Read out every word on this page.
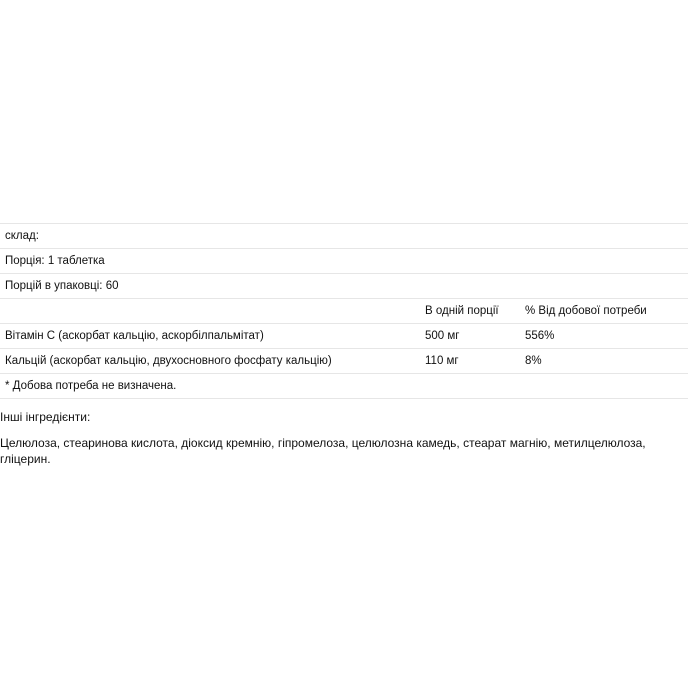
склад:		
Порція: 1 таблетка		
Порцій в упаковці: 60		
	В одній порції	% Від добової потреби
Вітамін С (аскорбат кальцію, аскорбілпальмітат)	500 мг	556%
Кальцій (аскорбат кальцію, двухосновного фосфату кальцію)	110 мг	8%
* Добова потреба не визначена.		

Інші інгредієнти:

Целюлоза, стеаринова кислота, діоксид кремнію, гіпромелоза, целюлозна камедь, стеарат магнію, метилцелюлоза, гліцерин.
